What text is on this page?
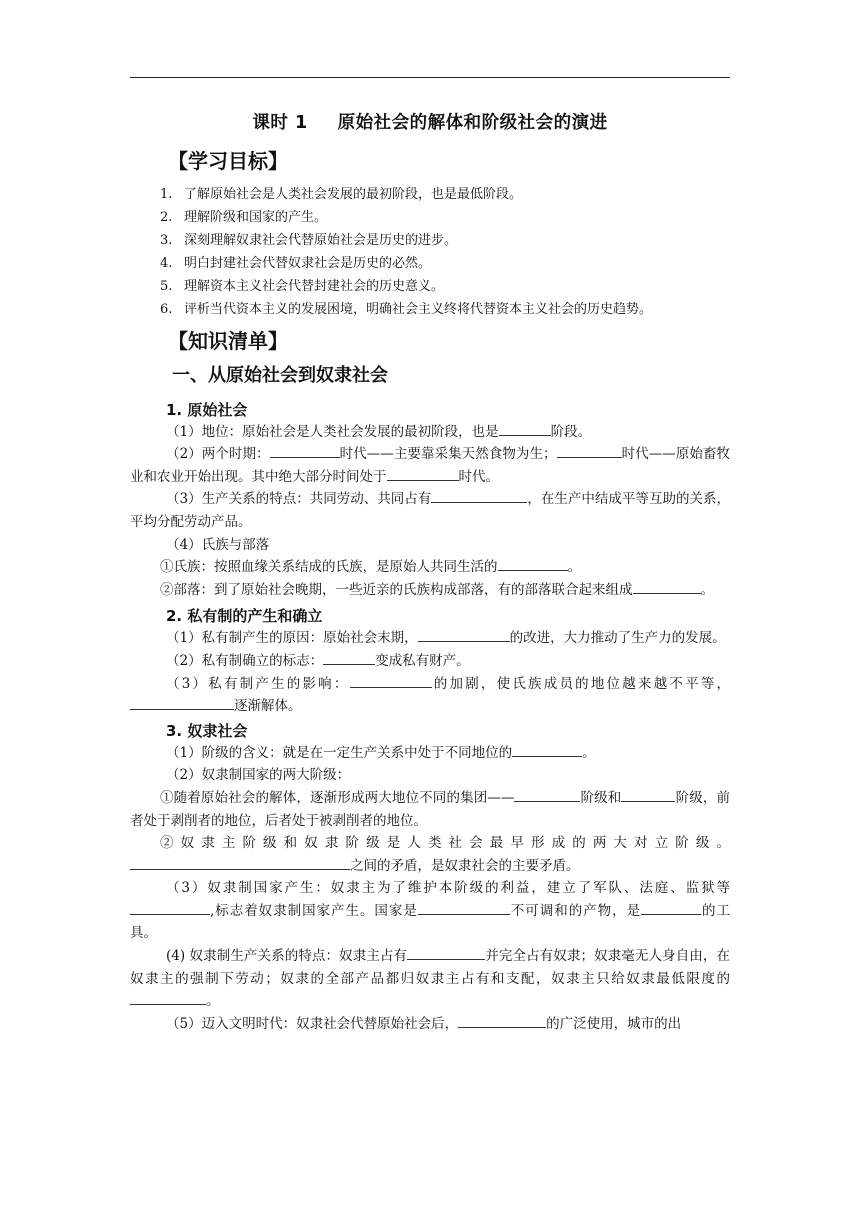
课时 1 原始社会的解体和阶级社会的演进
【学习目标】
1. 了解原始社会是人类社会发展的最初阶段，也是最低阶段。
2. 理解阶级和国家的产生。
3. 深刻理解奴隶社会代替原始社会是历史的进步。
4. 明白封建社会代替奴隶社会是历史的必然。
5. 理解资本主义社会代替封建社会的历史意义。
6. 评析当代资本主义的发展困境，明确社会主义终将代替资本主义社会的历史趋势。
【知识清单】
一、从原始社会到奴隶社会
1. 原始社会

（1）地位：原始社会是人类社会发展的最初阶段，也是	阶段。

（2）两个时期：	时代——主要靠采集天然食物为生；	时代——原始畜牧业和农业开始出现。其中绝大部分时间处于	时代。

（3）生产关系的特点：共同劳动、共同占有	，在生产中结成平等互助的关系，平均分配劳动产品。

（4）氏族与部落

①氏族：按照血缘关系结成的氏族，是原始人共同生活的	。

②部落：到了原始社会晚期，一些近亲的氏族构成部落，有的部落联合起来组成	。

2. 私有制的产生和确立

（1）私有制产生的原因：原始社会末期，	的改进，大力推动了生产力的发展。

（2）私有制确立的标志：	变成私有财产。

（3）私有制产生的影响：	的加剧，使氏族成员的地位越来越不平等，逐渐解体。

3. 奴隶社会

（1）阶级的含义：就是在一定生产关系中处于不同地位的	。

（2）奴隶制国家的两大阶级：

①随着原始社会的解体，逐渐形成两大地位不同的集团——	阶级和	阶级，前者处于剥削者的地位，后者处于被剥削者的地位。

② 奴 隶 主 阶 级 和 奴 隶 阶 级 是 人 类 社 会 最 早 形 成 的 两 大 对 立 阶 级 。之间的矛盾，是奴隶社会的主要矛盾。

（3）奴隶制国家产生：奴隶主为了维护本阶级的利益，建立了军队、法庭、监狱等,标志着奴隶制国家产生。国家是	不可调和的产物，是	的工具。

(4) 奴隶制生产关系的特点：奴隶主占有	并完全占有奴隶；奴隶毫无人身自由，在奴隶主的强制下劳动；奴隶的全部产品都归奴隶主占有和支配，奴隶主只给奴隶最低限度的。

（5）迈入文明时代：奴隶社会代替原始社会后，	的广泛使用，城市的出
